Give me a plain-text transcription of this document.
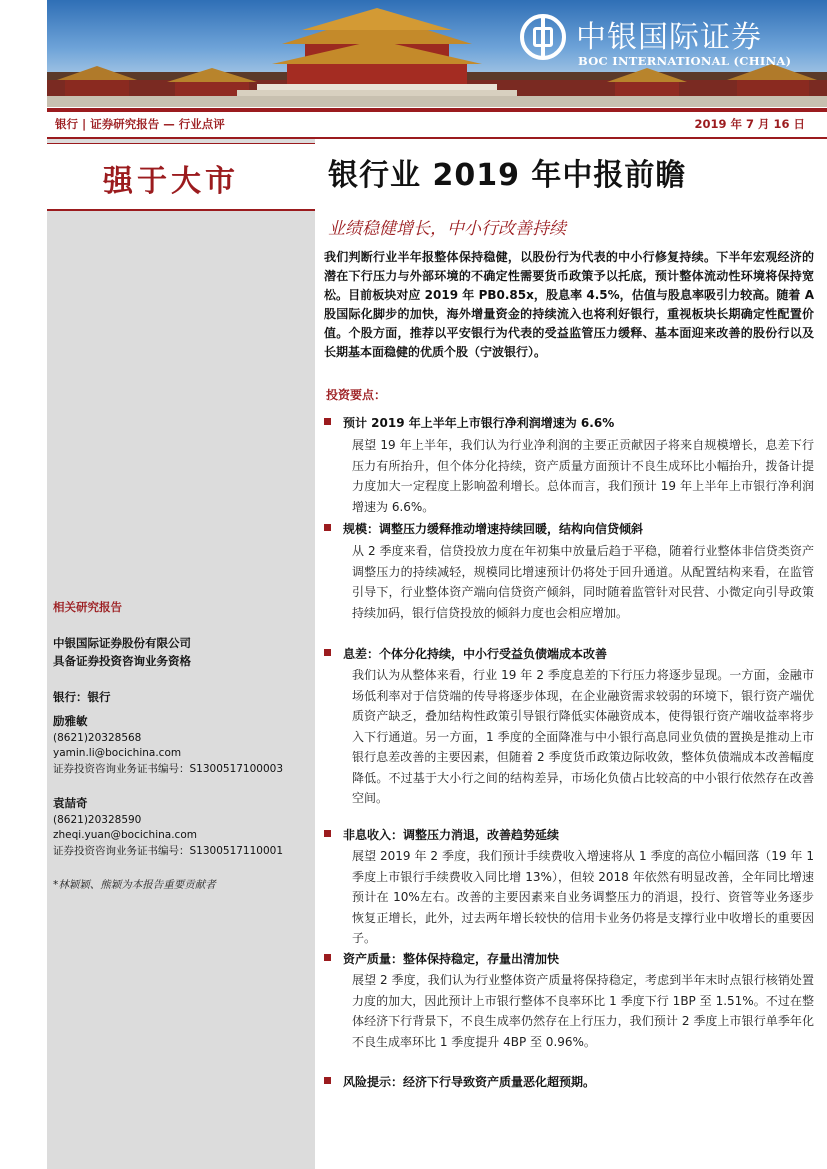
中银国际证券
BOC INTERNATIONAL (CHINA)
银行 | 证券研究报告 — 行业点评	2019 年 7 月 16 日
强于大市
相关研究报告
中银国际证券股份有限公司
具备证券投资咨询业务资格
银行：银行
励雅敏
(8621)20328568
yamin.li@bocichina.com
证券投资咨询业务证书编号：S1300517100003
袁喆奇
(8621)20328590
zheqi.yuan@bocichina.com
证券投资咨询业务证书编号：S1300517110001
*林颖颖、熊颖为本报告重要贡献者
银行业 2019 年中报前瞻
业绩稳健增长，中小行改善持续
我们判断行业半年报整体保持稳健，以股份行为代表的中小行修复持续。下半年宏观经济的潜在下行压力与外部环境的不确定性需要货币政策予以托底，预计整体流动性环境将保持宽松。目前板块对应 2019 年 PB0.85x，股息率 4.5%，估值与股息率吸引力较高。随着 A 股国际化脚步的加快，海外增量资金的持续流入也将利好银行，重视板块长期确定性配置价值。个股方面，推荐以平安银行为代表的受益监管压力缓释、基本面迎来改善的股份行以及长期基本面稳健的优质个股（宁波银行）。
投资要点：
预计 2019 年上半年上市银行净利润增速为 6.6%
展望 19 年上半年，我们认为行业净利润的主要正贡献因子将来自规模增长，息差下行压力有所抬升，但个体分化持续，资产质量方面预计不良生成环比小幅抬升，拨备计提力度加大一定程度上影响盈利增长。总体而言，我们预计 19 年上半年上市银行净利润增速为 6.6%。
规模：调整压力缓释推动增速持续回暖，结构向信贷倾斜
从 2 季度来看，信贷投放力度在年初集中放量后趋于平稳，随着行业整体非信贷类资产调整压力的持续减轻，规模同比增速预计仍将处于回升通道。从配置结构来看，在监管引导下，行业整体资产端向信贷资产倾斜，同时随着监管针对民营、小微定向引导政策持续加码，银行信贷投放的倾斜力度也会相应增加。
息差：个体分化持续，中小行受益负债端成本改善
我们认为从整体来看，行业 19 年 2 季度息差的下行压力将逐步显现。一方面，金融市场低利率对于信贷端的传导将逐步体现，在企业融资需求较弱的环境下，银行资产端优质资产缺乏，叠加结构性政策引导银行降低实体融资成本，使得银行资产端收益率将步入下行通道。另一方面，1 季度的全面降准与中小银行高息同业负债的置换是推动上市银行息差改善的主要因素，但随着 2 季度货币政策边际收敛，整体负债端成本改善幅度降低。不过基于大小行之间的结构差异，市场化负债占比较高的中小银行依然存在改善空间。
非息收入：调整压力消退，改善趋势延续
展望 2019 年 2 季度，我们预计手续费收入增速将从 1 季度的高位小幅回落（19 年 1 季度上市银行手续费收入同比增 13%），但较 2018 年依然有明显改善，全年同比增速预计在 10%左右。改善的主要因素来自业务调整压力的消退，投行、资管等业务逐步恢复正增长，此外，过去两年增长较快的信用卡业务仍将是支撑行业中收增长的重要因子。
资产质量：整体保持稳定，存量出清加快
展望 2 季度，我们认为行业整体资产质量将保持稳定，考虑到半年末时点银行核销处置力度的加大，因此预计上市银行整体不良率环比 1 季度下行 1BP 至 1.51%。不过在整体经济下行背景下，不良生成率仍然存在上行压力，我们预计 2 季度上市银行单季年化不良生成率环比 1 季度提升 4BP 至 0.96%。
风险提示：经济下行导致资产质量恶化超预期。
